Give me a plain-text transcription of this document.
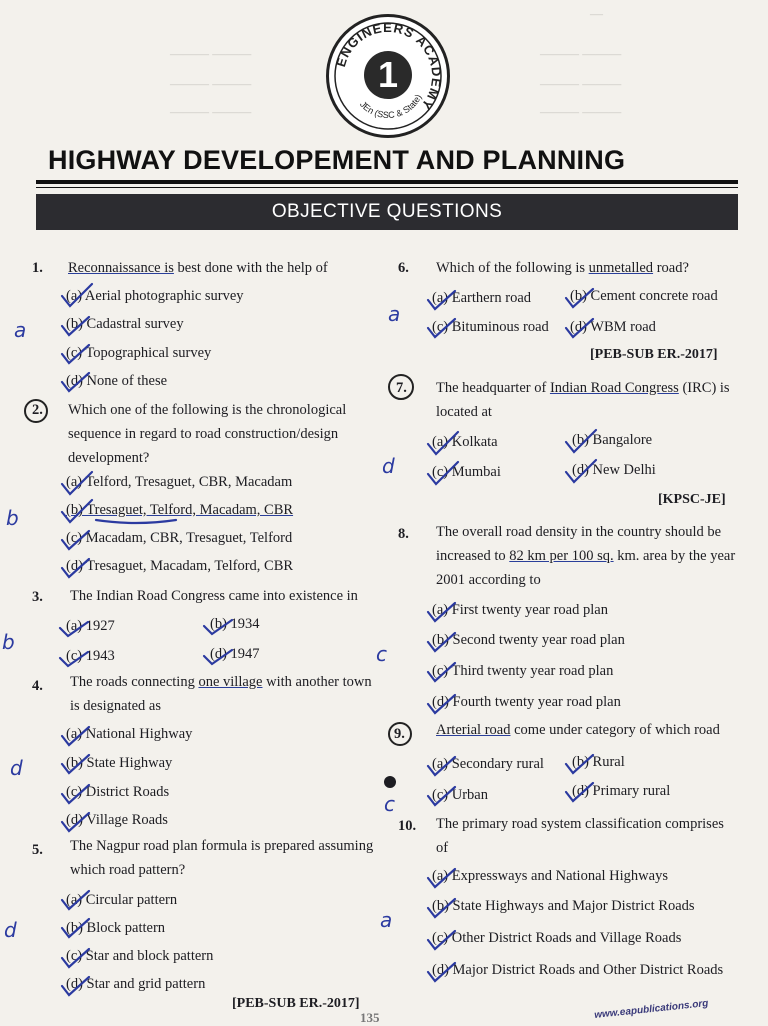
—
——— ———
——— ———
——— ———
——— ———
——— ———
——— ———
ENGINEERS ACADEMY
JEn (SSC & State)
1
HIGHWAY DEVELOPEMENT AND PLANNING
OBJECTIVE QUESTIONS
1. Reconnaissance is best done with the help of
(a) Aerial photographic survey
(b) Cadastral survey
(c) Topographical survey
(d) None of these
2. Which one of the following is the chronological sequence in regard to road construction/design development?
(a) Telford, Tresaguet, CBR, Macadam
(b) Tresaguet, Telford, Macadam, CBR
(c) Macadam, CBR, Tresaguet, Telford
(d) Tresaguet, Macadam, Telford, CBR
3. The Indian Road Congress came into existence in
(a) 1927	(b) 1934
(c) 1943	(d) 1947
4. The roads connecting one village with another town is designated as
(a) National Highway
(b) State Highway
(c) District Roads
(d) Village Roads
5. The Nagpur road plan formula is prepared assuming which road pattern?
(a) Circular pattern
(b) Block pattern
(c) Star and block pattern
(d) Star and grid pattern
[PEB-SUB ER.-2017]
6. Which of the following is unmetalled road?
(a) Earthern road	(b) Cement concrete road
(c) Bituminous road (d) WBM road
[PEB-SUB ER.-2017]
7. The headquarter of Indian Road Congress (IRC) is located at
(a) Kolkata	(b) Bangalore
(c) Mumbai	(d) New Delhi
[KPSC-JE]
8. The overall road density in the country should be increased to 82 km per 100 sq. km. area by the year 2001 according to
(a) First twenty year road plan
(b) Second twenty year road plan
(c) Third twenty year road plan
(d) Fourth twenty year road plan
9. Arterial road come under category of which road
(a) Secondary rural (b) Rural
(c) Urban	(d) Primary rural
10. The primary road system classification comprises of
(a) Expressways and National Highways
(b) State Highways and Major District Roads
(c) Other District Roads and Village Roads
(d) Major District Roads and Other District Roads
a
b
b
d
d
a
d
c
c
a
135	www.eapublications.org
